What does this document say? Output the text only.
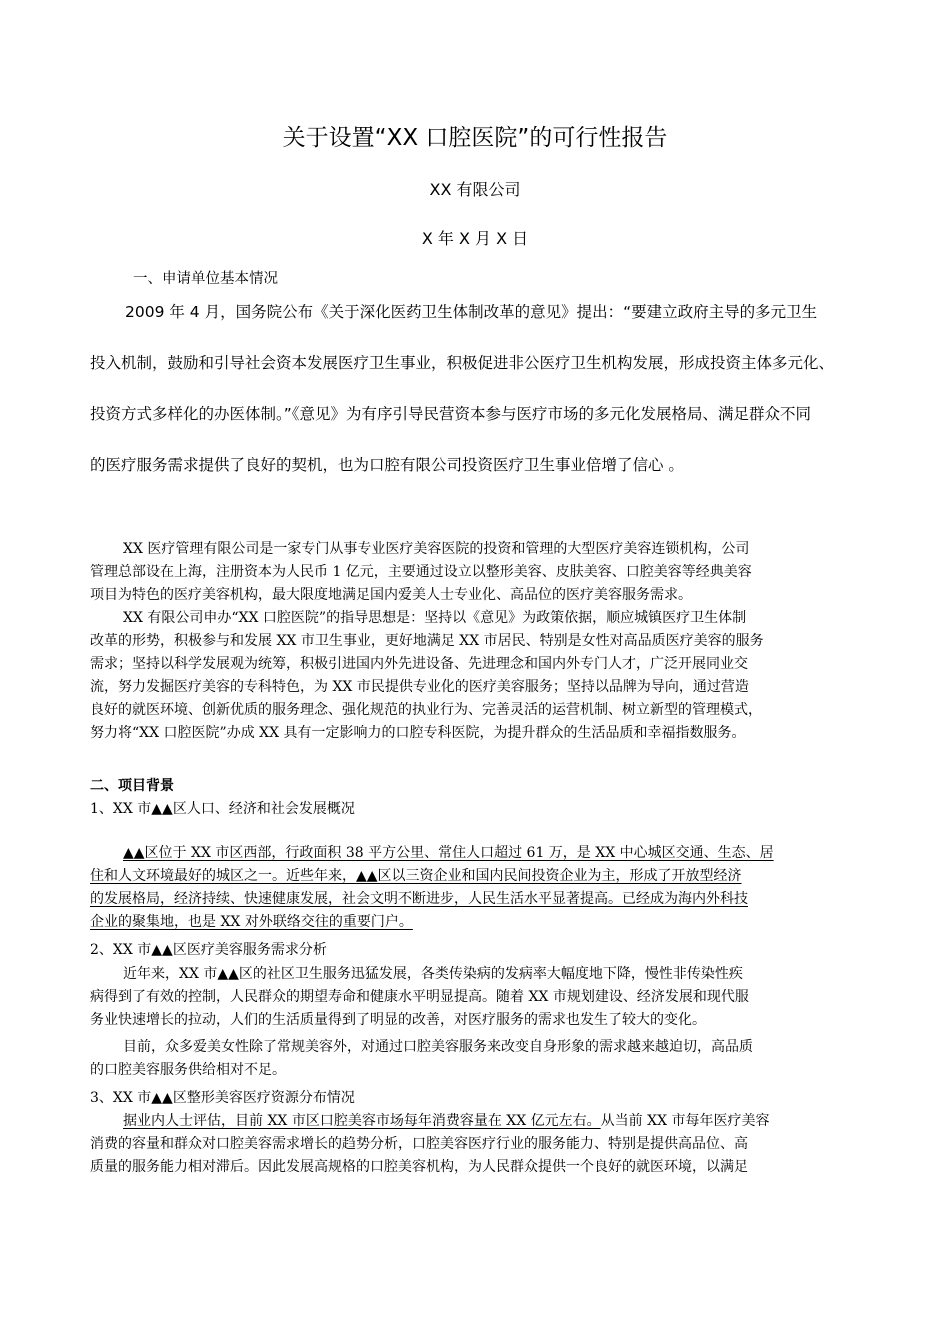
关于设置“XX 口腔医院”的可行性报告
XX 有限公司
X 年 X 月 X 日
一、申请单位基本情况
2009 年 4 月，国务院公布《关于深化医药卫生体制改革的意见》提出：“要建立政府主导的多元卫生
投入机制，鼓励和引导社会资本发展医疗卫生事业，积极促进非公医疗卫生机构发展，形成投资主体多元化、
投资方式多样化的办医体制。”《意见》为有序引导民营资本参与医疗市场的多元化发展格局、满足群众不同
的医疗服务需求提供了良好的契机，也为口腔有限公司投资医疗卫生事业倍增了信心 。
XX 医疗管理有限公司是一家专门从事专业医疗美容医院的投资和管理的大型医疗美容连锁机构，公司
管理总部设在上海，注册资本为人民币 1 亿元，主要通过设立以整形美容、皮肤美容、口腔美容等经典美容
项目为特色的医疗美容机构，最大限度地满足国内爱美人士专业化、高品位的医疗美容服务需求。
XX 有限公司申办“XX 口腔医院”的指导思想是：坚持以《意见》为政策依据，顺应城镇医疗卫生体制
改革的形势，积极参与和发展 XX 市卫生事业，更好地满足 XX 市居民、特别是女性对高品质医疗美容的服务
需求；坚持以科学发展观为统筹，积极引进国内外先进设备、先进理念和国内外专门人才，广泛开展同业交
流，努力发掘医疗美容的专科特色，为 XX 市民提供专业化的医疗美容服务；坚持以品牌为导向，通过营造
良好的就医环境、创新优质的服务理念、强化规范的执业行为、完善灵活的运营机制、树立新型的管理模式，
努力将“XX 口腔医院”办成 XX 具有一定影响力的口腔专科医院，为提升群众的生活品质和幸福指数服务。
二、项目背景
1、XX 市▲▲区人口、经济和社会发展概况
▲▲区位于 XX 市区西部，行政面积 38 平方公里、常住人口超过 61 万，是 XX 中心城区交通、生态、居
住和人文环境最好的城区之一。近些年来，▲▲区以三资企业和国内民间投资企业为主，形成了开放型经济
的发展格局，经济持续、快速健康发展，社会文明不断进步，人民生活水平显著提高。已经成为海内外科技
企业的聚集地，也是 XX 对外联络交往的重要门户。
2、XX 市▲▲区医疗美容服务需求分析
近年来，XX 市▲▲区的社区卫生服务迅猛发展，各类传染病的发病率大幅度地下降，慢性非传染性疾
病得到了有效的控制，人民群众的期望寿命和健康水平明显提高。随着 XX 市规划建设、经济发展和现代服
务业快速增长的拉动，人们的生活质量得到了明显的改善，对医疗服务的需求也发生了较大的变化。
目前，众多爱美女性除了常规美容外，对通过口腔美容服务来改变自身形象的需求越来越迫切，高品质
的口腔美容服务供给相对不足。
3、XX 市▲▲区整形美容医疗资源分布情况
据业内人士评估，目前 XX 市区口腔美容市场每年消费容量在 XX 亿元左右。从当前 XX 市每年医疗美容
消费的容量和群众对口腔美容需求增长的趋势分析，口腔美容医疗行业的服务能力、特别是提供高品位、高
质量的服务能力相对滞后。因此发展高规格的口腔美容机构，为人民群众提供一个良好的就医环境，以满足
